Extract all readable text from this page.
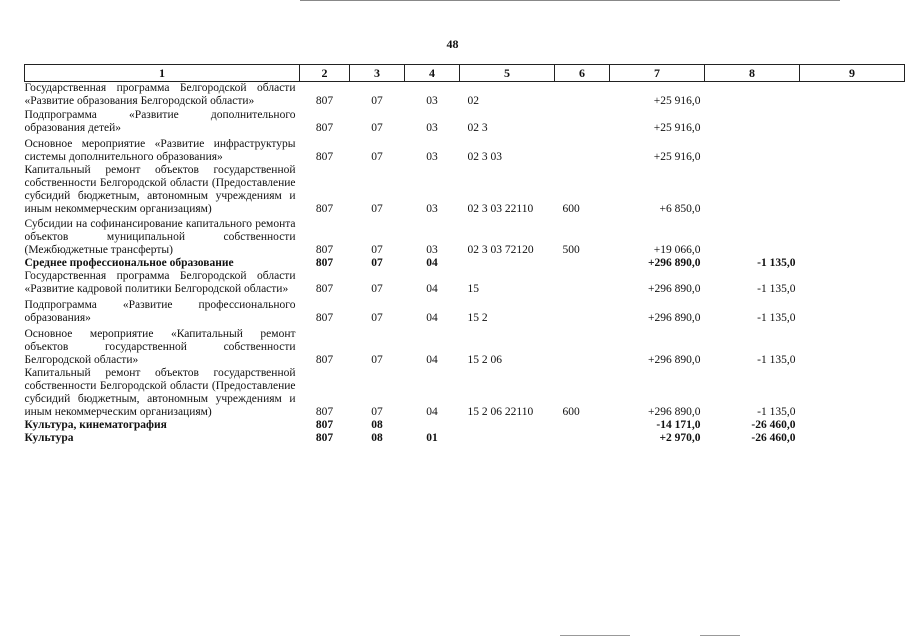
48
1	2	3	4	5	6	7	8	9
Государственная программа Белгородской области «Развитие образования Белгородской области»	807	07	03	02		+25 916,0		
Подпрограмма «Развитие дополнительного образования детей»	807	07	03	02 3		+25 916,0		
Основное мероприятие «Развитие инфраструктуры системы дополнительного образования»	807	07	03	02 3 03		+25 916,0		
Капитальный ремонт объектов государственной собственности Белгородской области (Предоставление субсидий бюджетным, автономным учреждениям и иным некоммерческим организациям)	807	07	03	02 3 03 22110	600	+6 850,0		
Субсидии на софинансирование капитального ремонта объектов муниципальной собственности (Межбюджетные трансферты)	807	07	03	02 3 03 72120	500	+19 066,0		
Среднее профессиональное образование	807	07	04			+296 890,0	-1 135,0	
Государственная программа Белгородской области «Развитие кадровой политики Белгородской области»	807	07	04	15		+296 890,0	-1 135,0	
Подпрограмма «Развитие профессионального образования»	807	07	04	15 2		+296 890,0	-1 135,0	
Основное мероприятие «Капитальный ремонт объектов государственной собственности Белгородской области»	807	07	04	15 2 06		+296 890,0	-1 135,0	
Капитальный ремонт объектов государственной собственности Белгородской области (Предоставление субсидий бюджетным, автономным учреждениям и иным некоммерческим организациям)	807	07	04	15 2 06 22110	600	+296 890,0	-1 135,0	
Культура, кинематография	807	08				-14 171,0	-26 460,0	
Культура	807	08	01			+2 970,0	-26 460,0	
